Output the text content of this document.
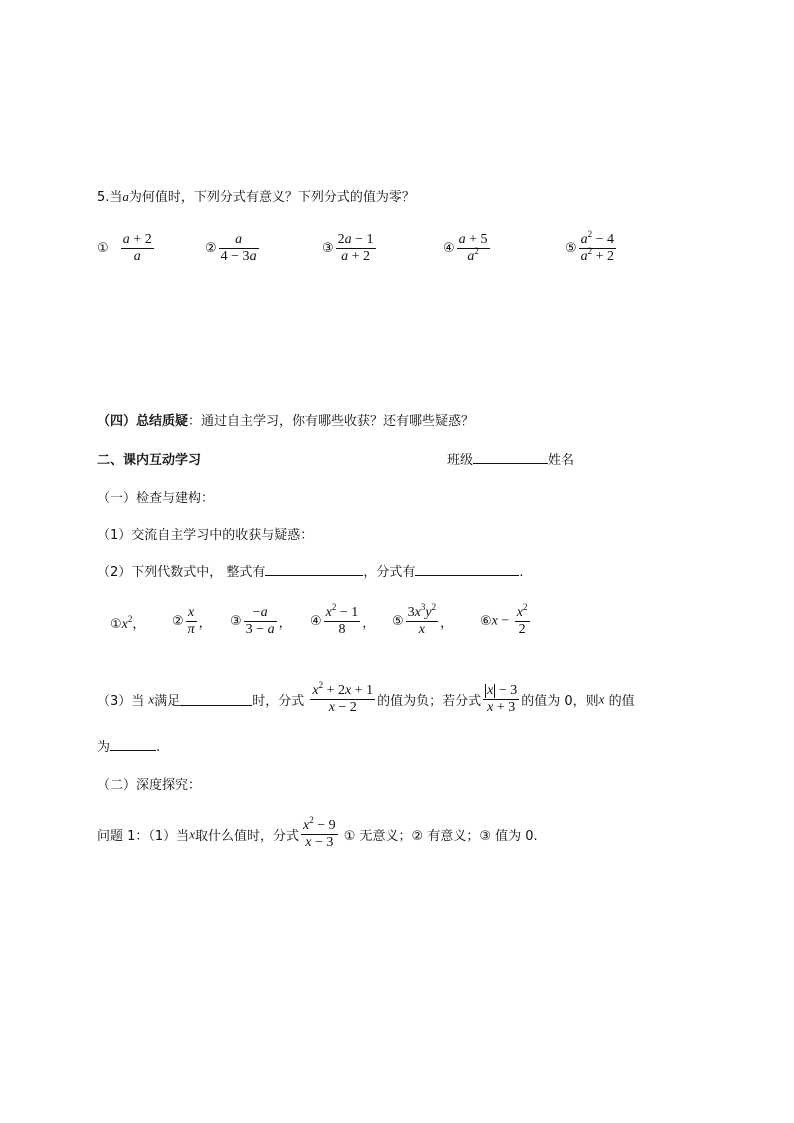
5.当a为何值时，下列分式有意义？下列分式的值为零？
① $\frac{a + 2}{a}$	② $\frac{a}{4 - 3a}$	③ $\frac{2a - 1}{a + 2}$	④ $\frac{a + 5}{a^2}$	⑤ $\frac{a^2 - 4}{a^2 + 2}$
（四）总结质疑：通过自主学习，你有哪些收获？还有哪些疑惑？
二、课内互动学习	班级	姓名
（一）检查与建构：
（1）交流自主学习中的收获与疑惑：
（2）下列代数式中， 整式有	，分式有	.
$①x^2$， ② $\frac{x}{\pi}$ ， ③ $\frac{-a}{3 - a}$ ， ④ $\frac{x^2 - 1}{8}$ ， ⑤ $\frac{3x^3y^2}{x}$ ， ⑥x − $\frac{x^2}{2}$
（3）当 x满足	时，分式 $\frac{x^2 + 2x + 1}{x - 2}$ 的值为负；若分式 $\frac{x - 3}{x + 3}$ 的值为 0，则x 的值
为	.
（二）深度探究：
问题 1：（1）当x取什么值时，分式 $\frac{x^2 - 9}{x - 3}$ ① 无意义；② 有意义；③ 值为 0.
